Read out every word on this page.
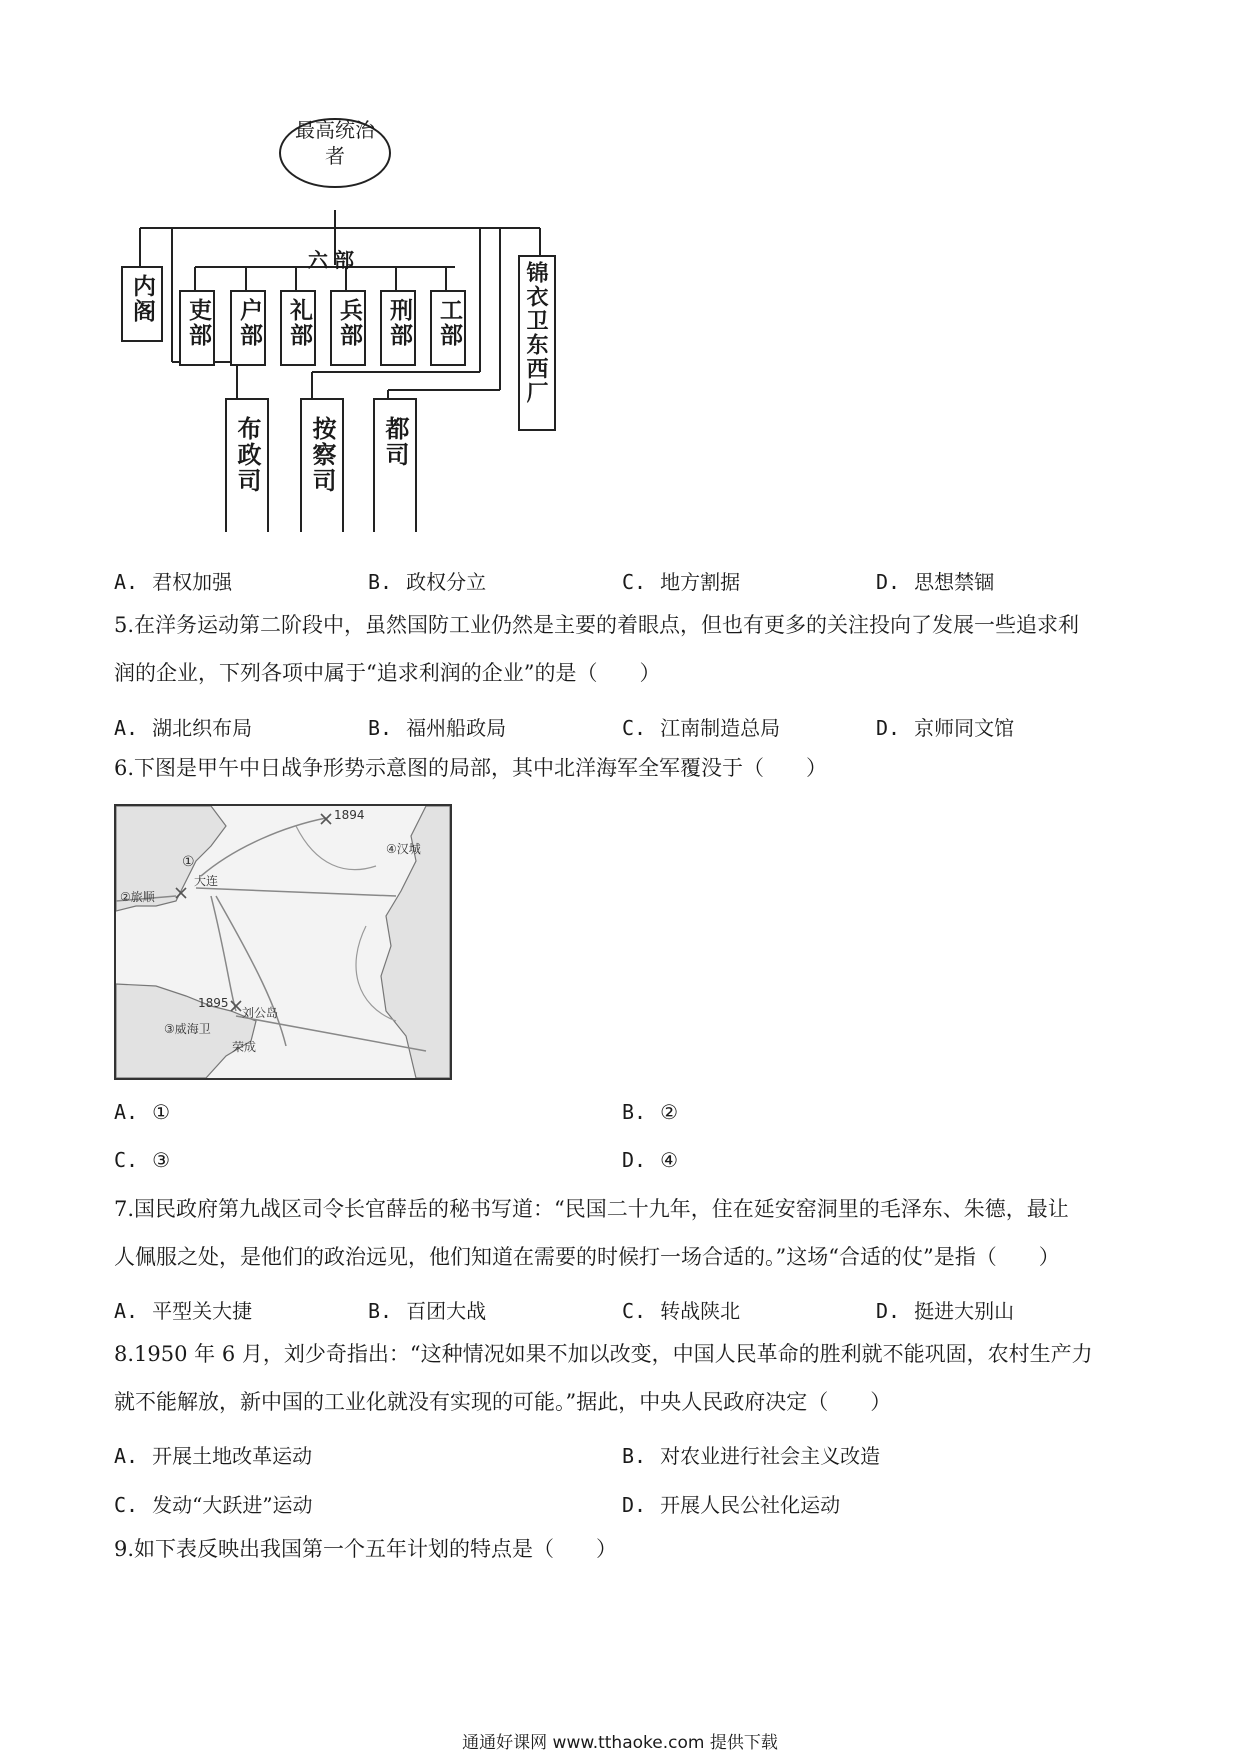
最高统治者
六部
内阁	锦衣卫东西厂
吏部 户部 礼部 兵部 刑部 工部
布政司 按察司 都司
A. 君权加强	B. 政权分立	C. 地方割据	D. 思想禁锢
5.在洋务运动第二阶段中，虽然国防工业仍然是主要的着眼点，但也有更多的关注投向了发展一些追求利
润的企业，下列各项中属于“追求利润的企业”的是（　　）
A. 湖北织布局	B. 福州船政局	C. 江南制造总局	D. 京师同文馆
6.下图是甲午中日战争形势示意图的局部，其中北洋海军全军覆没于（　　）
①
大连
②旅顺
1894
④汉城
1895
刘公岛
③威海卫
荣成
A. ①	B. ②
C. ③	D. ④
7.国民政府第九战区司令长官薛岳的秘书写道：“民国二十九年，住在延安窑洞里的毛泽东、朱德，最让
人佩服之处，是他们的政治远见，他们知道在需要的时候打一场合适的。”这场“合适的仗”是指（　　）
A. 平型关大捷	B. 百团大战	C. 转战陕北	D. 挺进大别山
8.1950 年 6 月，刘少奇指出：“这种情况如果不加以改变，中国人民革命的胜利就不能巩固，农村生产力
就不能解放，新中国的工业化就没有实现的可能。”据此，中央人民政府决定（　　）
A. 开展土地改革运动	B. 对农业进行社会主义改造
C. 发动“大跃进”运动	D. 开展人民公社化运动
9.如下表反映出我国第一个五年计划的特点是（　　）
通通好课网 www.tthaoke.com 提供下载
